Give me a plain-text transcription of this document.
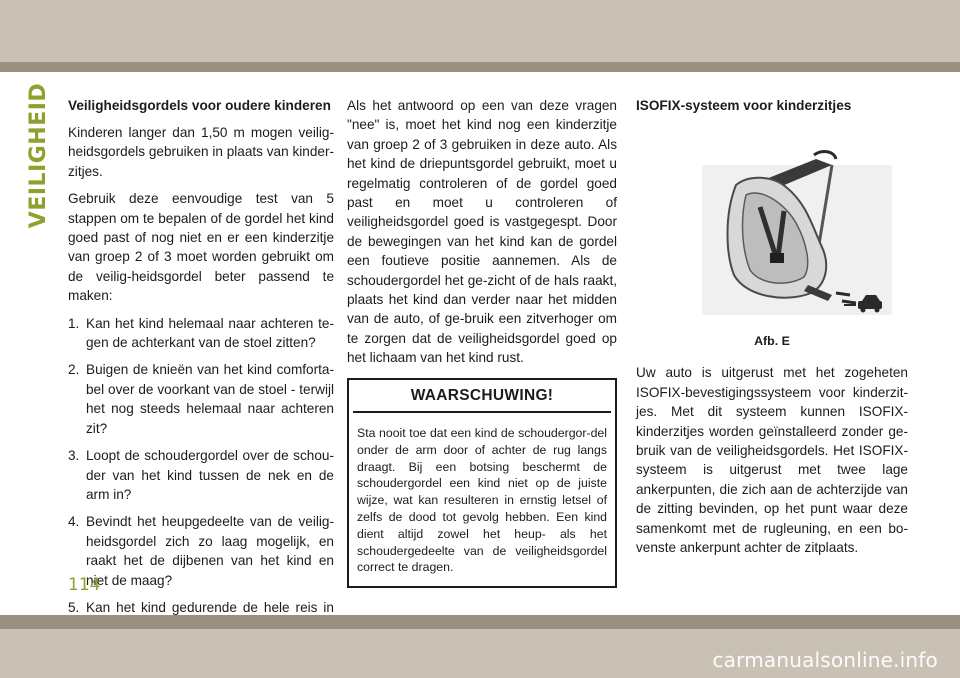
VEILIGHEID Veiligheidsgordels voor oudere kinderen

Kinderen langer dan 1,50 m mogen veilig-heidsgordels gebruiken in plaats van kinder-zitjes.

Gebruik deze eenvoudige test van 5 stappen om te bepalen of de gordel het kind goed past of nog niet en er een kinderzitje van groep 2 of 3 moet worden gebruikt om de veilig-heidsgordel beter passend te maken:

1. Kan het kind helemaal naar achteren te-gen de achterkant van de stoel zitten?
2. Buigen de knieën van het kind comforta-bel over de voorkant van de stoel - terwijl het nog steeds helemaal naar achteren zit?
3. Loopt de schoudergordel over de schou-der van het kind tussen de nek en de arm in?
4. Bevindt het heupgedeelte van de veilig-heidsgordel zich zo laag mogelijk, en raakt het de dijbenen van het kind en niet de maag?
5. Kan het kind gedurende de hele reis in

Als het antwoord op een van deze vragen "nee" is, moet het kind nog een kinderzitje van groep 2 of 3 gebruiken in deze auto. Als het kind de driepuntsgordel gebruikt, moet u regelmatig controleren of de gordel goed past en moet u controleren of veiligheidsgordel goed is vastgegespt. Door de bewegingen van het kind kan de gordel een foutieve positie aannemen. Als de schoudergordel het ge-zicht of de hals raakt, plaats het kind dan verder naar het midden van de auto, of ge-bruik een zitverhoger om te zorgen dat de veiligheidsgordel goed op het lichaam van het kind rust.

WAARSCHUWING!
Sta nooit toe dat een kind de schoudergor-del onder de arm door of achter de rug langs draagt. Bij een botsing beschermt de schoudergordel een kind niet op de juiste wijze, wat kan resulteren in ernstig letsel of zelfs de dood tot gevolg hebben. Een kind dient altijd zowel het heup- als het schoudergedeelte van de veiligheidsgordel correct te dragen.
ISOFIX-systeem voor kinderzitjes
Afb. E

Uw auto is uitgerust met het zogeheten ISOFIX-bevestigingssysteem voor kinderzit-jes. Met dit systeem kunnen ISOFIX-kinderzitjes worden geïnstalleerd zonder ge-bruik van de veiligheidsgordels. Het ISOFIX-systeem is uitgerust met twee lage ankerpunten, die zich aan de achterzijde van de zitting bevinden, op het punt waar deze samenkomt met de rugleuning, en een bo-venste ankerpunt achter de zitplaats.

114
carmanualsonline.info
